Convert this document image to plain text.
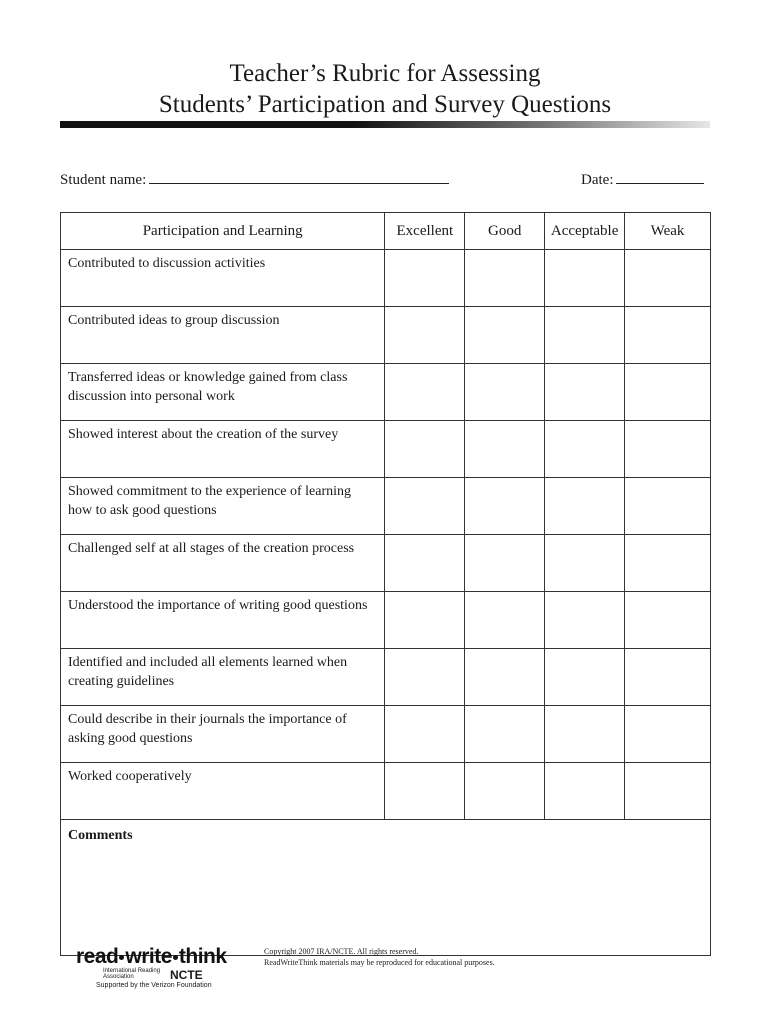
Teacher’s Rubric for Assessing
Students’ Participation and Survey Questions
Student name:	Date:
Participation and Learning	Excellent	Good	Acceptable	Weak
Contributed to discussion activities				
Contributed ideas to group discussion				
Transferred ideas or knowledge gained from class discussion into personal work				
Showed interest about the creation of the survey				
Showed commitment to the experience of learning how to ask good questions				
Challenged self at all stages of the creation process				
Understood the importance of writing good questions				
Identified and included all elements learned when creating guidelines				
Could describe in their journals the importance of asking good questions				
Worked cooperatively				
Comments				
read write think
International Reading Association	NCTE
Supported by the Verizon Foundation
Copyright 2007 IRA/NCTE. All rights reserved.
ReadWriteThink materials may be reproduced for educational purposes.
